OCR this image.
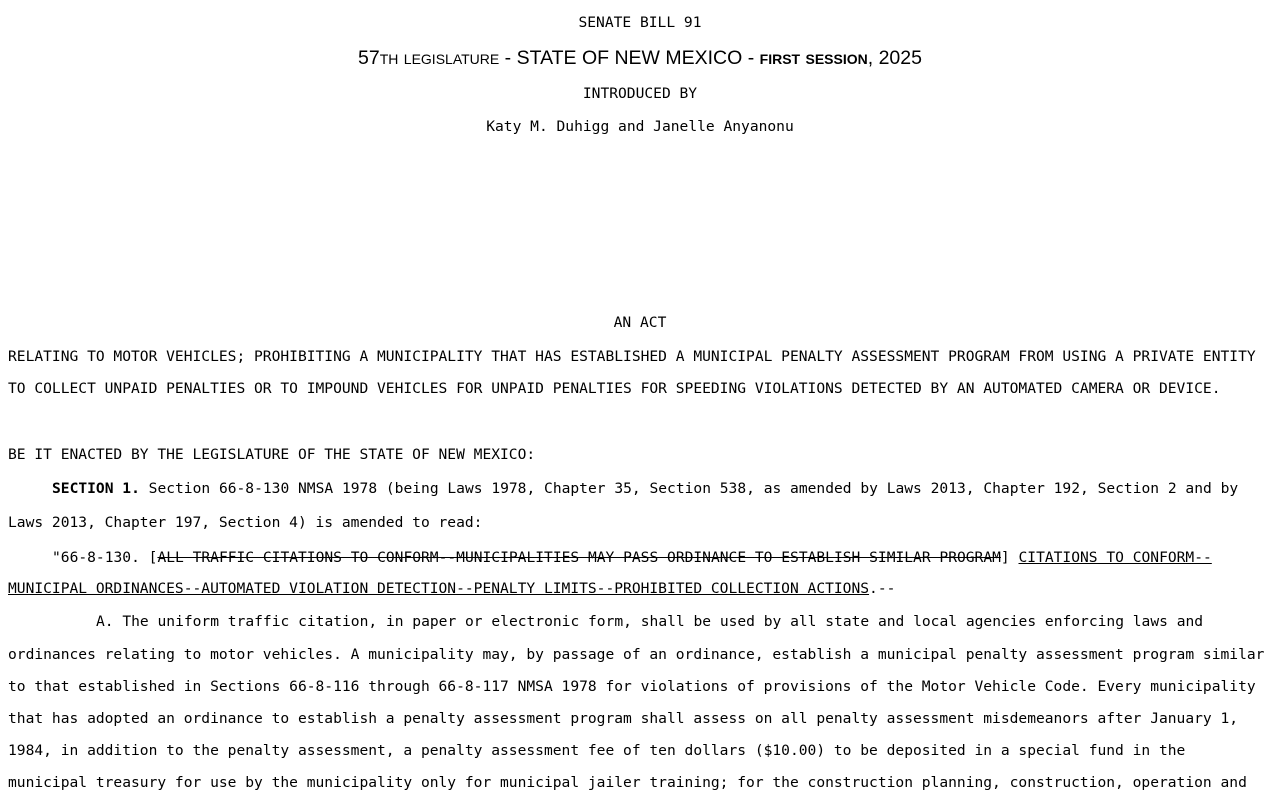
SENATE BILL 91
57th legislature - STATE OF NEW MEXICO - first session, 2025
INTRODUCED BY
Katy M. Duhigg and Janelle Anyanonu
AN ACT
RELATING TO MOTOR VEHICLES; PROHIBITING A MUNICIPALITY THAT HAS ESTABLISHED A MUNICIPAL PENALTY ASSESSMENT PROGRAM FROM USING A PRIVATE ENTITY
TO COLLECT UNPAID PENALTIES OR TO IMPOUND VEHICLES FOR UNPAID PENALTIES FOR SPEEDING VIOLATIONS DETECTED BY AN AUTOMATED CAMERA OR DEVICE.
BE IT ENACTED BY THE LEGISLATURE OF THE STATE OF NEW MEXICO:
SECTION 1. Section 66-8-130 NMSA 1978 (being Laws 1978, Chapter 35, Section 538, as amended by Laws 2013, Chapter 192, Section 2 and by
Laws 2013, Chapter 197, Section 4) is amended to read:
"66-8-130. [ALL TRAFFIC CITATIONS TO CONFORM--MUNICIPALITIES MAY PASS ORDINANCE TO ESTABLISH SIMILAR PROGRAM] CITATIONS TO CONFORM--
MUNICIPAL ORDINANCES--AUTOMATED VIOLATION DETECTION--PENALTY LIMITS--PROHIBITED COLLECTION ACTIONS.--
A. The uniform traffic citation, in paper or electronic form, shall be used by all state and local agencies enforcing laws and
ordinances relating to motor vehicles. A municipality may, by passage of an ordinance, establish a municipal penalty assessment program similar
to that established in Sections 66-8-116 through 66-8-117 NMSA 1978 for violations of provisions of the Motor Vehicle Code. Every municipality
that has adopted an ordinance to establish a penalty assessment program shall assess on all penalty assessment misdemeanors after January 1,
1984, in addition to the penalty assessment, a penalty assessment fee of ten dollars ($10.00) to be deposited in a special fund in the
municipal treasury for use by the municipality only for municipal jailer training; for the construction planning, construction, operation and
